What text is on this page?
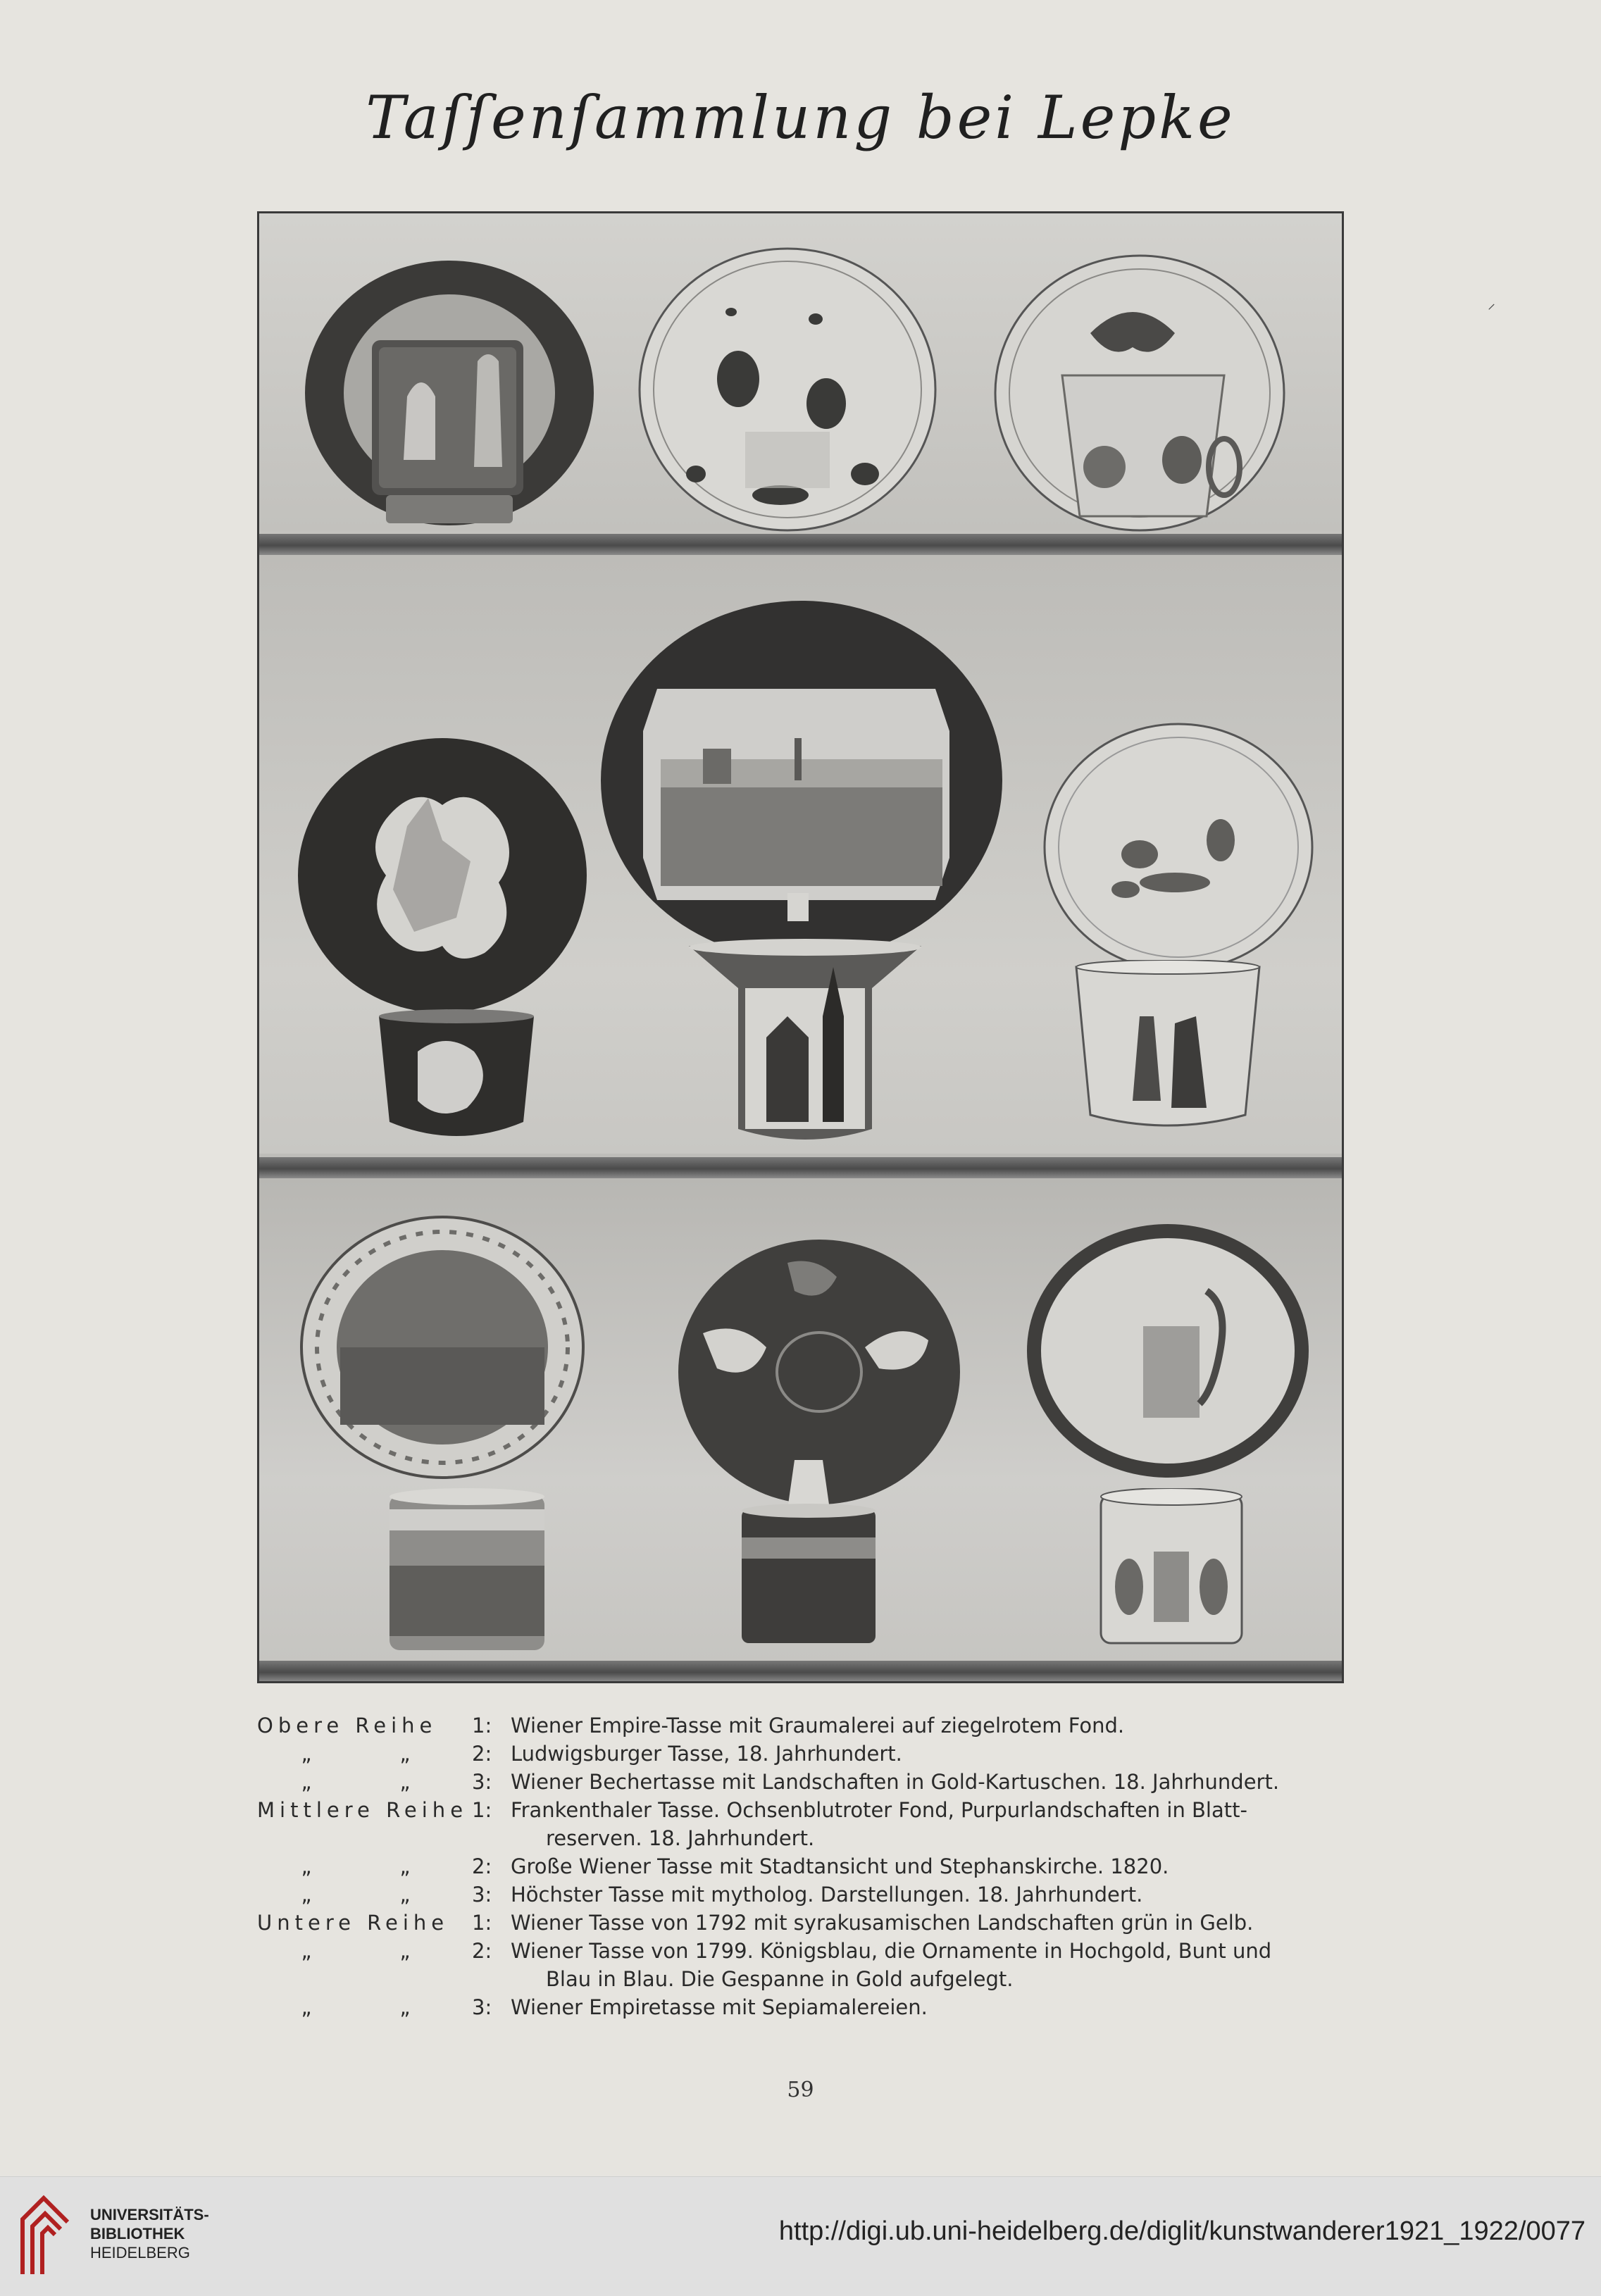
Taſſenſammlung bei Lepke
⸝
Obere Reihe	1: Wiener Empire-Tasse mit Graumalerei auf ziegelrotem Fond.
„	„	2: Ludwigsburger Tasse, 18. Jahrhundert.
„	„	3: Wiener Bechertasse mit Landschaften in Gold-Kartuschen. 18. Jahrhundert.
Mittlere Reihe 1: Frankenthaler Tasse. Ochsenblutroter Fond, Purpurlandschaften in Blatt-
reserven. 18. Jahrhundert.
„	„	2: Große Wiener Tasse mit Stadtansicht und Stephanskirche. 1820.
„	„	3: Höchster Tasse mit mytholog. Darstellungen. 18. Jahrhundert.
Untere Reihe	1: Wiener Tasse von 1792 mit syrakusamischen Landschaften grün in Gelb.
„	„	2: Wiener Tasse von 1799. Königsblau, die Ornamente in Hochgold, Bunt und
Blau in Blau. Die Gespanne in Gold aufgelegt.
„	„	3: Wiener Empiretasse mit Sepiamalereien.
59
UNIVERSITÄTS-
BIBLIOTHEK
HEIDELBERG
http://digi.ub.uni-heidelberg.de/diglit/kunstwanderer1921_1922/0077
